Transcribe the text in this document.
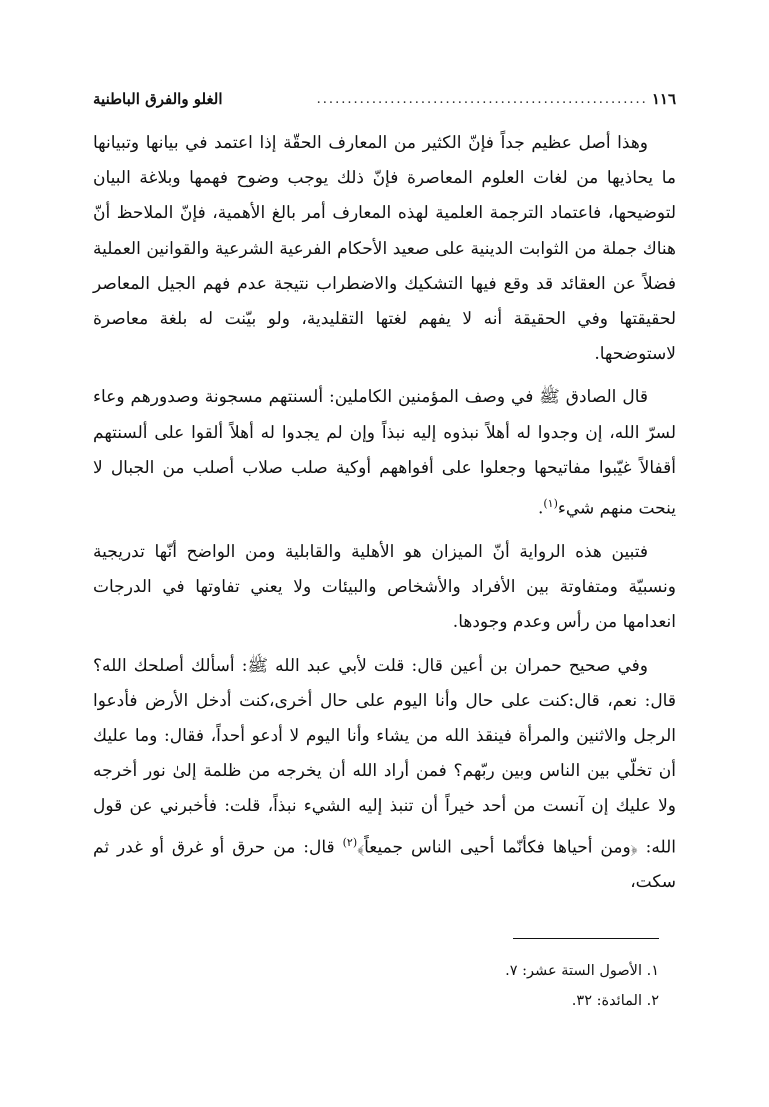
١١٦
......................................................
الغلو والفرق الباطنية

وهذا أصل عظيم جداً فإنّ الكثير من المعارف الحقّة إذا اعتمد في بيانها وتبيانها ما يحاذيها من لغات العلوم المعاصرة فإنّ ذلك يوجب وضوح فهمها وبلاغة البيان لتوضيحها، فاعتماد الترجمة العلمية لهذه المعارف أمر بالغ الأهمية، فإنّ الملاحظ أنّ هناك جملة من الثوابت الدينية على صعيد الأحكام الفرعية الشرعية والقوانين العملية فضلاً عن العقائد قد وقع فيها التشكيك والاضطراب نتيجة عدم فهم الجيل المعاصر لحقيقتها وفي الحقيقة أنه لا يفهم لغتها التقليدية، ولو بيّنت له بلغة معاصرة لاستوضحها.

قال الصادق ﷺ في وصف المؤمنين الكاملين: ألسنتهم مسجونة وصدورهم وعاء لسرّ الله، إن وجدوا له أهلاً نبذوه إليه نبذاً وإن لم يجدوا له أهلاً ألقوا على ألسنتهم أقفالاً غيّبوا مفاتيحها وجعلوا على أفواههم أوكية صلب صلاب أصلب من الجبال لا ينحت منهم شيء$^{(١)}$.

فتبين هذه الرواية أنّ الميزان هو الأهلية والقابلية ومن الواضح أنّها تدريجية ونسبيّة ومتفاوتة بين الأفراد والأشخاص والبيئات ولا يعني تفاوتها في الدرجات انعدامها من رأس وعدم وجودها.

وفي صحيح حمران بن أعين قال: قلت لأبي عبد الله ﷺ: أسألك أصلحك الله؟ قال: نعم، قال:كنت على حال وأنا اليوم على حال أخرى،كنت أدخل الأرض فأدعوا الرجل والاثنين والمرأة فينقذ الله من يشاء وأنا اليوم لا أدعو أحداً، فقال: وما عليك أن تخلّي بين الناس وبين ربّهم؟ فمن أراد الله أن يخرجه من ظلمة إلىٰ نور أخرجه ولا عليك إن آنست من أحد خيراً أن تنبذ إليه الشيء نبذاً، قلت: فأخبرني عن قول الله: ﴿ومن أحياها فكأنّما أحيى الناس جميعاً﴾$^{(٢)}$ قال: من حرق أو غرق أو غدر ثم سكت،

١. الأصول الستة عشر: ٧.
٢. المائدة: ٣٢.
